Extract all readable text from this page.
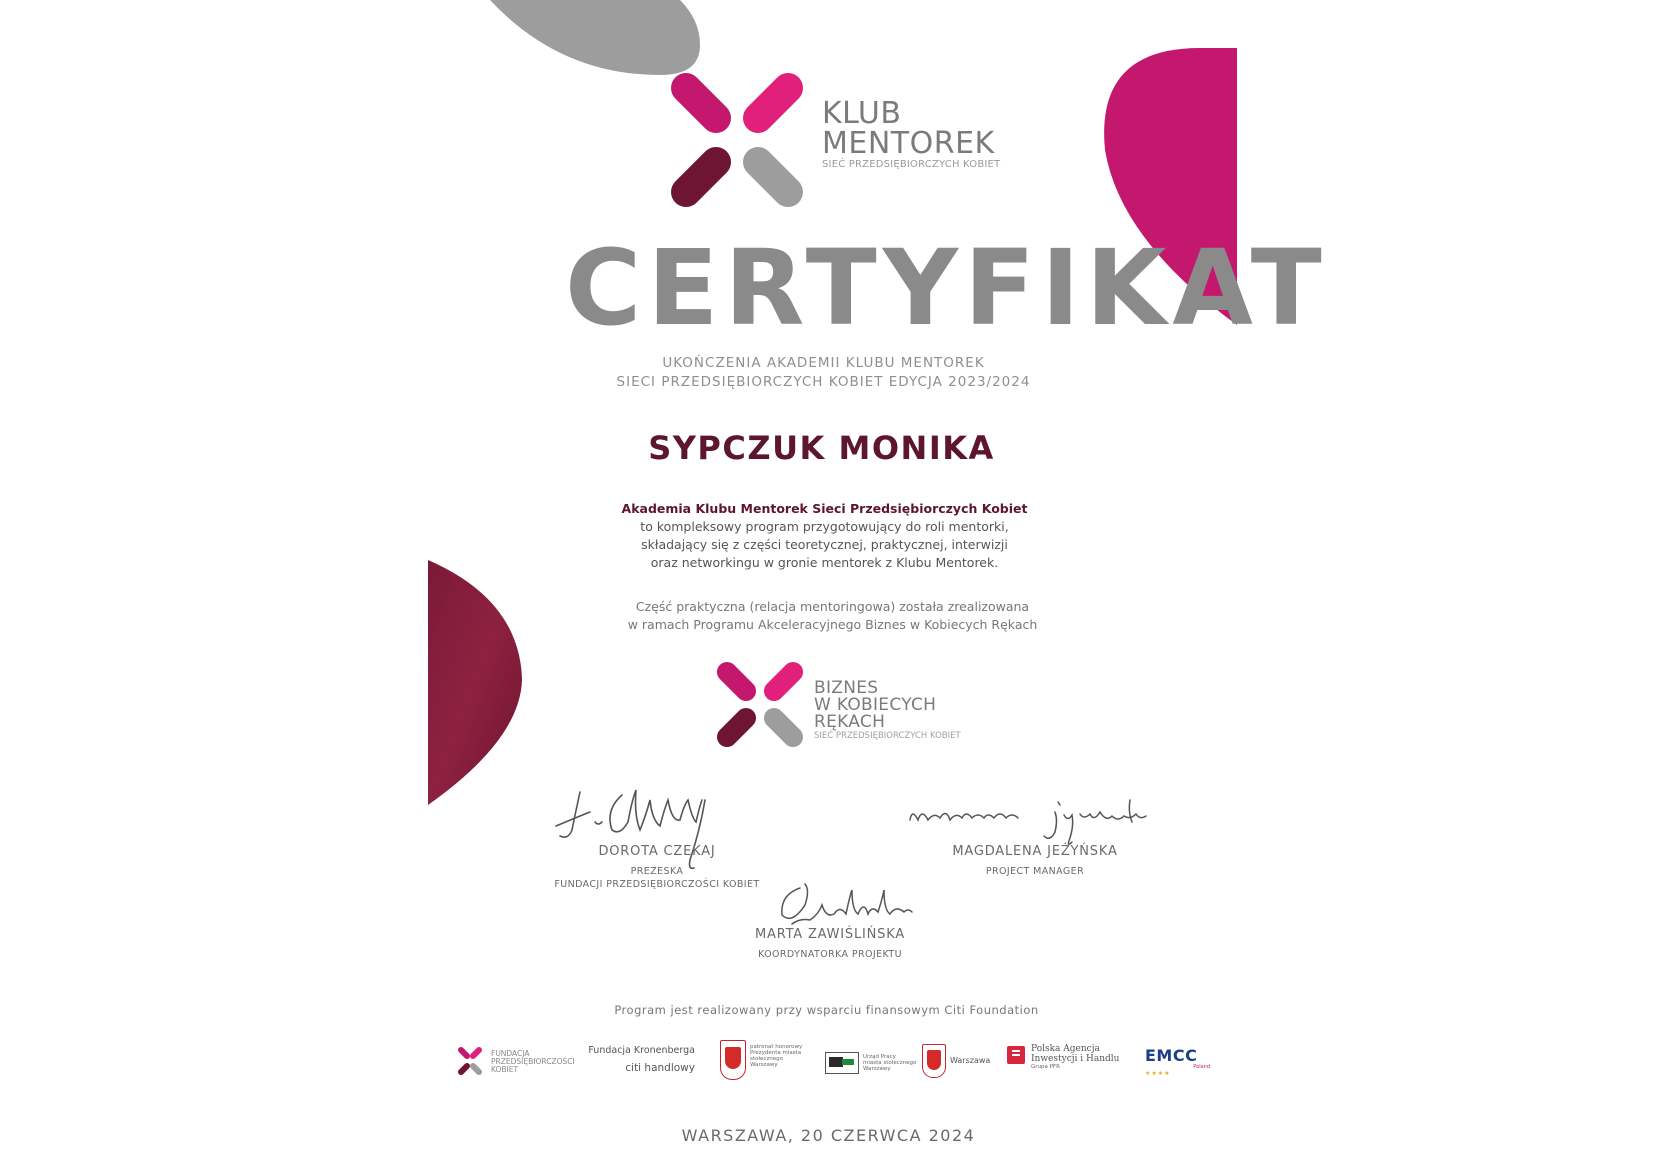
KLUB
MENTOREK
SIEĆ PRZEDSIĘBIORCZYCH KOBIET
CERTYFIKAT
UKOŃCZENIA AKADEMII KLUBU MENTOREK
SIECI PRZEDSIĘBIORCZYCH KOBIET EDYCJA 2023/2024
SYPCZUK MONIKA
Akademia Klubu Mentorek Sieci Przedsiębiorczych Kobiet
to kompleksowy program przygotowujący do roli mentorki,
składający się z części teoretycznej, praktycznej, interwizji
oraz networkingu w gronie mentorek z Klubu Mentorek.
Część praktyczna (relacja mentoringowa) została zrealizowana
w ramach Programu Akceleracyjnego Biznes w Kobiecych Rękach
BIZNES
W KOBIECYCH
RĘKACH
SIEĆ PRZEDSIĘBIORCZYCH KOBIET
DOROTA CZEKAJ
PREZESKA
FUNDACJI PRZEDSIĘBIORCZOŚCI KOBIET
MAGDALENA JEŻYŃSKA
PROJECT MANAGER
MARTA ZAWIŚLIŃSKA
KOORDYNATORKA PROJEKTU
Program jest realizowany przy wsparciu finansowym Citi Foundation
FUNDACJA
PRZEDSIĘBIORCZOŚCI
KOBIET
Fundacja Kronenberga
citi handlowy
patronat honorowy
Prezydenta miasta
stołecznego
Warszawy
Urząd Pracy
miasta stołecznego
Warszawy
Warszawa
Polska Agencja
Inwestycji i Handlu
Grupa PFR
EMCC
Poland
★★★★
WARSZAWA, 20 CZERWCA 2024
